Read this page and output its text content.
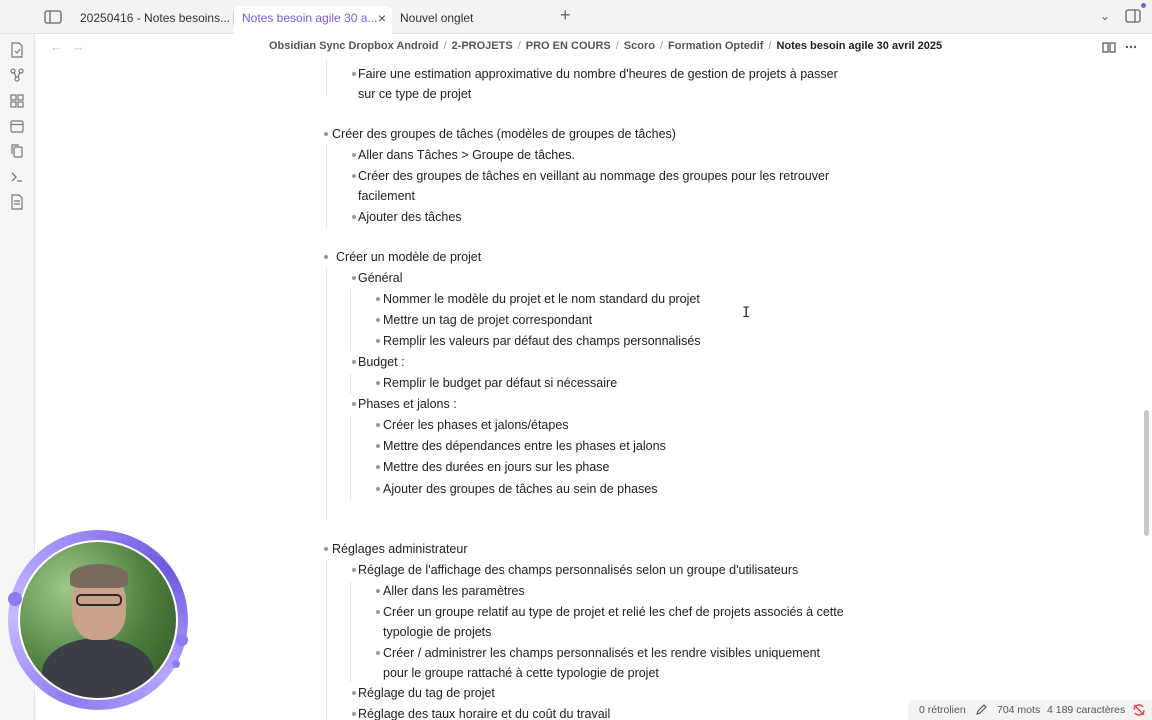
20250416 - Notes besoins... Notes besoin agile 30 a... ×	Nouvel onglet	+	⌄
← →	Obsidian Sync Dropbox Android / 2-PROJETS / PRO EN COURS / Scoro / Formation Optedif / Notes besoin agile 30 avril 2025
Faire une estimation approximative du nombre d'heures de gestion de projets à passer
sur ce type de projet
Créer des groupes de tâches (modèles de groupes de tâches)
Aller dans Tâches > Groupe de tâches.
Créer des groupes de tâches en veillant au nommage des groupes pour les retrouver
facilement
Ajouter des tâches
Créer un modèle de projet
Général
Nommer le modèle du projet et le nom standard du projet
Mettre un tag de projet correspondant
Remplir les valeurs par défaut des champs personnalisés
Budget :
Remplir le budget par défaut si nécessaire
Phases et jalons :
Créer les phases et jalons/étapes
Mettre des dépendances entre les phases et jalons
Mettre des durées en jours sur les phase
Ajouter des groupes de tâches au sein de phases
Réglages administrateur
Réglage de l'affichage des champs personnalisés selon un groupe d'utilisateurs
Aller dans les paramètres
Créer un groupe relatif au type de projet et relié les chef de projets associés à cette
typologie de projets
Créer / administrer les champs personnalisés et les rendre visibles uniquement
pour le groupe rattaché à cette typologie de projet
Réglage du tag de projet
Réglage des taux horaire et du coût du travail
I
0 rétrolien	704 mots 4 189 caractères
